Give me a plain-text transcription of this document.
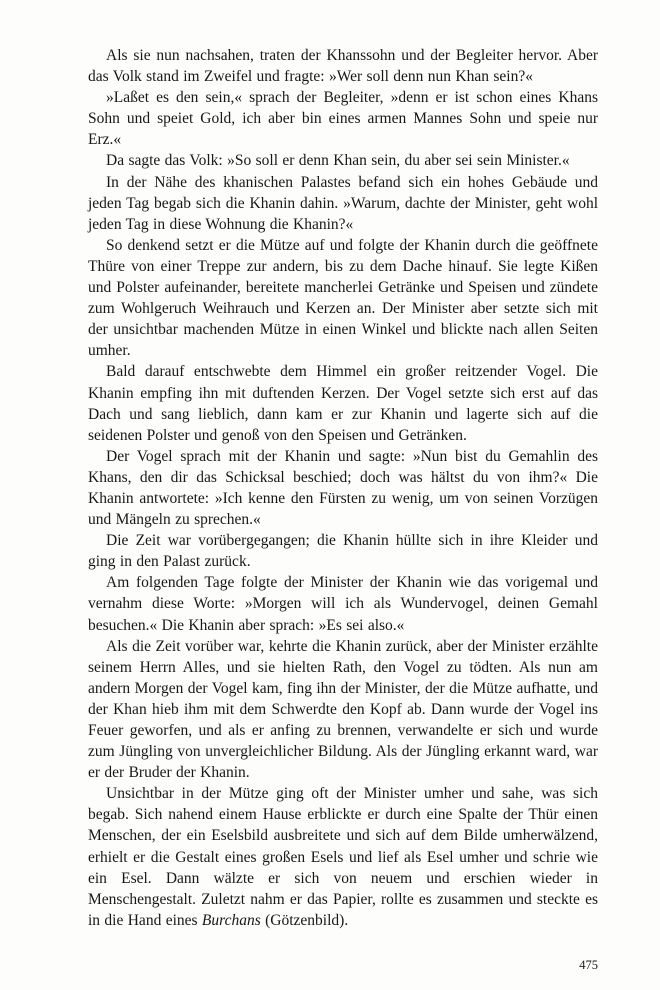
Als sie nun nachsahen, traten der Khanssohn und der Begleiter hervor. Aber das Volk stand im Zweifel und fragte: »Wer soll denn nun Khan sein?«

»Laßet es den sein,« sprach der Begleiter, »denn er ist schon eines Khans Sohn und speiet Gold, ich aber bin eines armen Mannes Sohn und speie nur Erz.«

Da sagte das Volk: »So soll er denn Khan sein, du aber sei sein Minister.«

In der Nähe des khanischen Palastes befand sich ein hohes Gebäude und jeden Tag begab sich die Khanin dahin. »Warum, dachte der Minister, geht wohl jeden Tag in diese Wohnung die Khanin?«

So denkend setzt er die Mütze auf und folgte der Khanin durch die geöffnete Thüre von einer Treppe zur andern, bis zu dem Dache hinauf. Sie legte Kißen und Polster aufeinander, bereitete mancherlei Getränke und Speisen und zündete zum Wohlgeruch Weihrauch und Kerzen an. Der Minister aber setzte sich mit der unsichtbar machenden Mütze in einen Winkel und blickte nach allen Seiten umher.

Bald darauf entschwebte dem Himmel ein großer reitzender Vogel. Die Khanin empfing ihn mit duftenden Kerzen. Der Vogel setzte sich erst auf das Dach und sang lieblich, dann kam er zur Khanin und lagerte sich auf die seidenen Polster und genoß von den Speisen und Getränken.

Der Vogel sprach mit der Khanin und sagte: »Nun bist du Gemahlin des Khans, den dir das Schicksal beschied; doch was hältst du von ihm?« Die Khanin antwortete: »Ich kenne den Fürsten zu wenig, um von seinen Vorzügen und Mängeln zu sprechen.«

Die Zeit war vorübergegangen; die Khanin hüllte sich in ihre Kleider und ging in den Palast zurück.

Am folgenden Tage folgte der Minister der Khanin wie das vorigemal und vernahm diese Worte: »Morgen will ich als Wundervogel, deinen Gemahl besuchen.« Die Khanin aber sprach: »Es sei also.«

Als die Zeit vorüber war, kehrte die Khanin zurück, aber der Minister erzählte seinem Herrn Alles, und sie hielten Rath, den Vogel zu tödten. Als nun am andern Morgen der Vogel kam, fing ihn der Minister, der die Mütze aufhatte, und der Khan hieb ihm mit dem Schwerdte den Kopf ab. Dann wurde der Vogel ins Feuer geworfen, und als er anfing zu brennen, verwandelte er sich und wurde zum Jüngling von unvergleichlicher Bildung. Als der Jüngling erkannt ward, war er der Bruder der Khanin.

Unsichtbar in der Mütze ging oft der Minister umher und sahe, was sich begab. Sich nahend einem Hause erblickte er durch eine Spalte der Thür einen Menschen, der ein Eselsbild ausbreitete und sich auf dem Bilde umherwälzend, erhielt er die Gestalt eines großen Esels und lief als Esel umher und schrie wie ein Esel. Dann wälzte er sich von neuem und erschien wieder in Menschengestalt. Zuletzt nahm er das Papier, rollte es zusammen und steckte es in die Hand eines Burchans (Götzenbild).

475
